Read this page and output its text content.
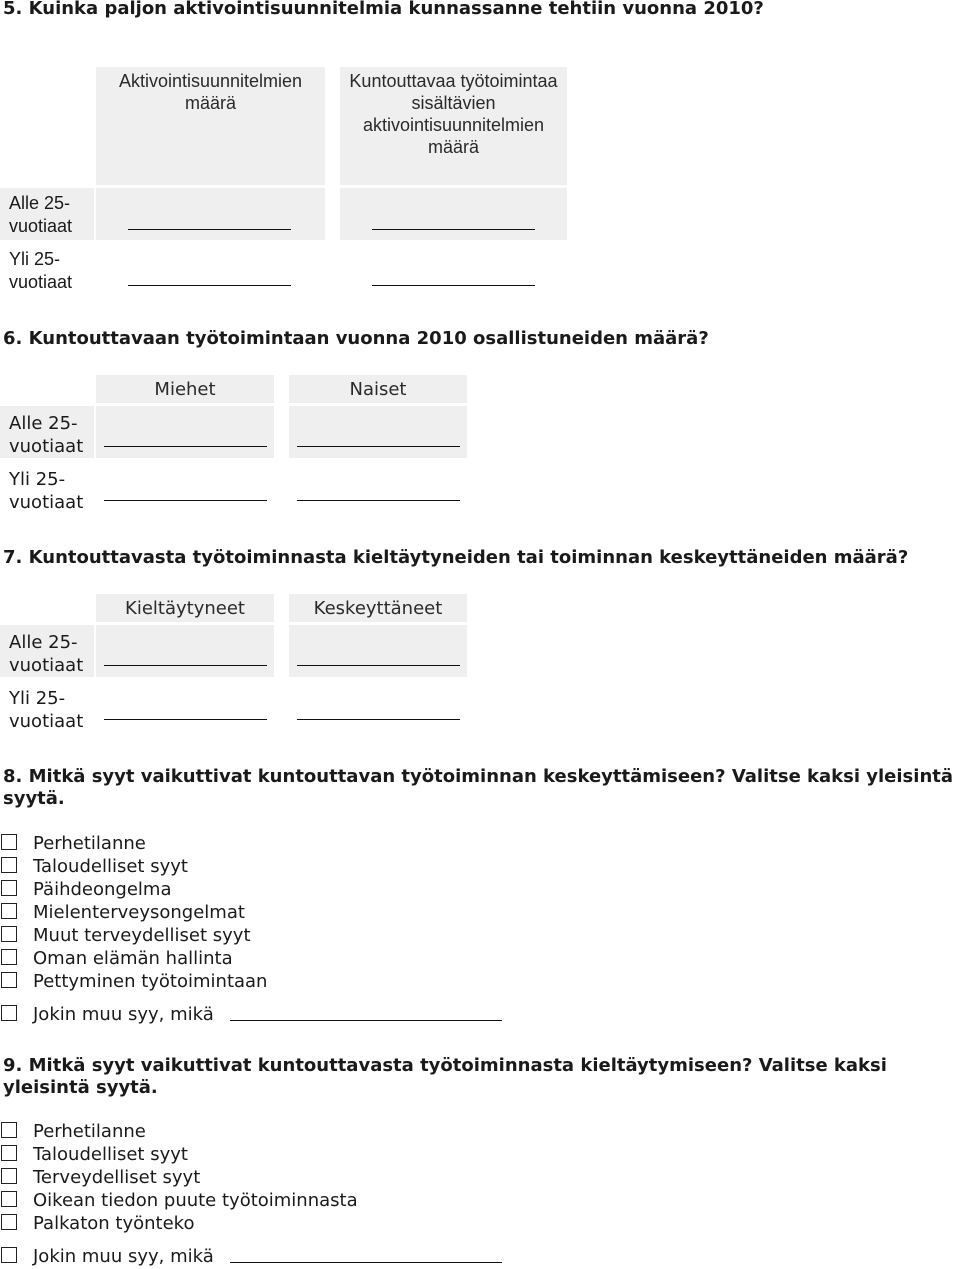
5. Kuinka paljon aktivointisuunnitelmia kunnassanne tehtiin vuonna 2010?
Aktivointisuunnitelmien määrä
Kuntouttavaa työtoimintaa sisältävien aktivointisuunnitelmien määrä
Alle 25-vuotiaat
Yli 25-vuotiaat
6. Kuntouttavaan työtoimintaan vuonna 2010 osallistuneiden määrä?
Miehet	Naiset
Alle 25-vuotiaat
Yli 25-vuotiaat
7. Kuntouttavasta työtoiminnasta kieltäytyneiden tai toiminnan keskeyttäneiden määrä?
Kieltäytyneet	Keskeyttäneet
Alle 25-vuotiaat
Yli 25-vuotiaat
8. Mitkä syyt vaikuttivat kuntouttavan työtoiminnan keskeyttämiseen? Valitse kaksi yleisintä syytä.
Perhetilanne
Taloudelliset syyt
Päihdeongelma
Mielenterveysongelmat
Muut terveydelliset syyt
Oman elämän hallinta
Pettyminen työtoimintaan
Jokin muu syy, mikä
9. Mitkä syyt vaikuttivat kuntouttavasta työtoiminnasta kieltäytymiseen? Valitse kaksi yleisintä syytä.
Perhetilanne
Taloudelliset syyt
Terveydelliset syyt
Oikean tiedon puute työtoiminnasta
Palkaton työnteko
Jokin muu syy, mikä
